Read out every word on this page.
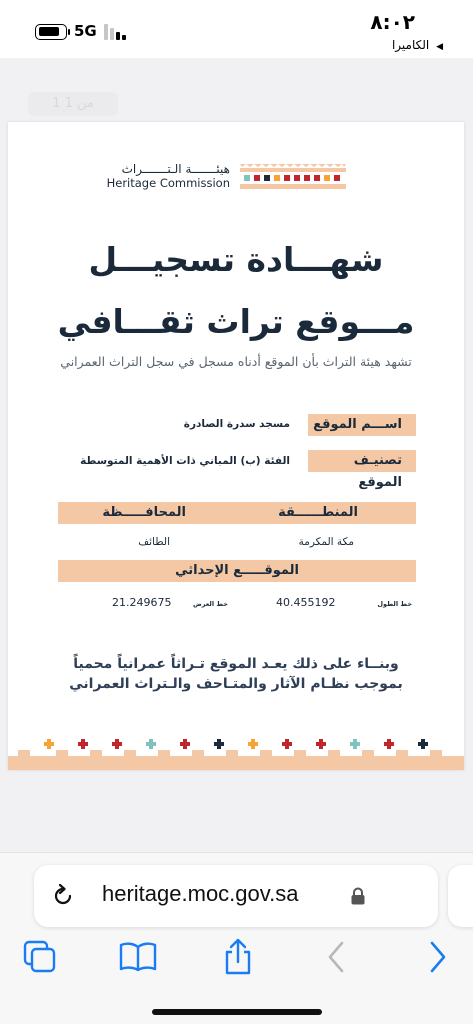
٨:٠٢
◀ الكاميرا
5G
1 من 1
هيئـــــــة الـتـــــــراث
Heritage Commission
شهـــادة تسجيـــل
مـــوقع تراث ثقـــافي
تشهد هيئة التراث بأن الموقع أدناه مسجل في سجل التراث العمراني
اســـم الموقع
مسجد سدرة الصادرة
تصنيـف الموقع
الفئة (ب) المباني ذات الأهمية المتوسطة
المنطــــــقة
المحافـــــظة
مكة المكرمة
الطائف
الموقـــــع الإحداثي
خط الطول
40.455192
خط العرض
21.249675
وبنــاء على ذلك يعـد الموقع تـراثاً عمرانياً محمياً
بموجب نظـام الآثار والمتـاحف والـتراث العمراني
heritage.moc.gov.sa
